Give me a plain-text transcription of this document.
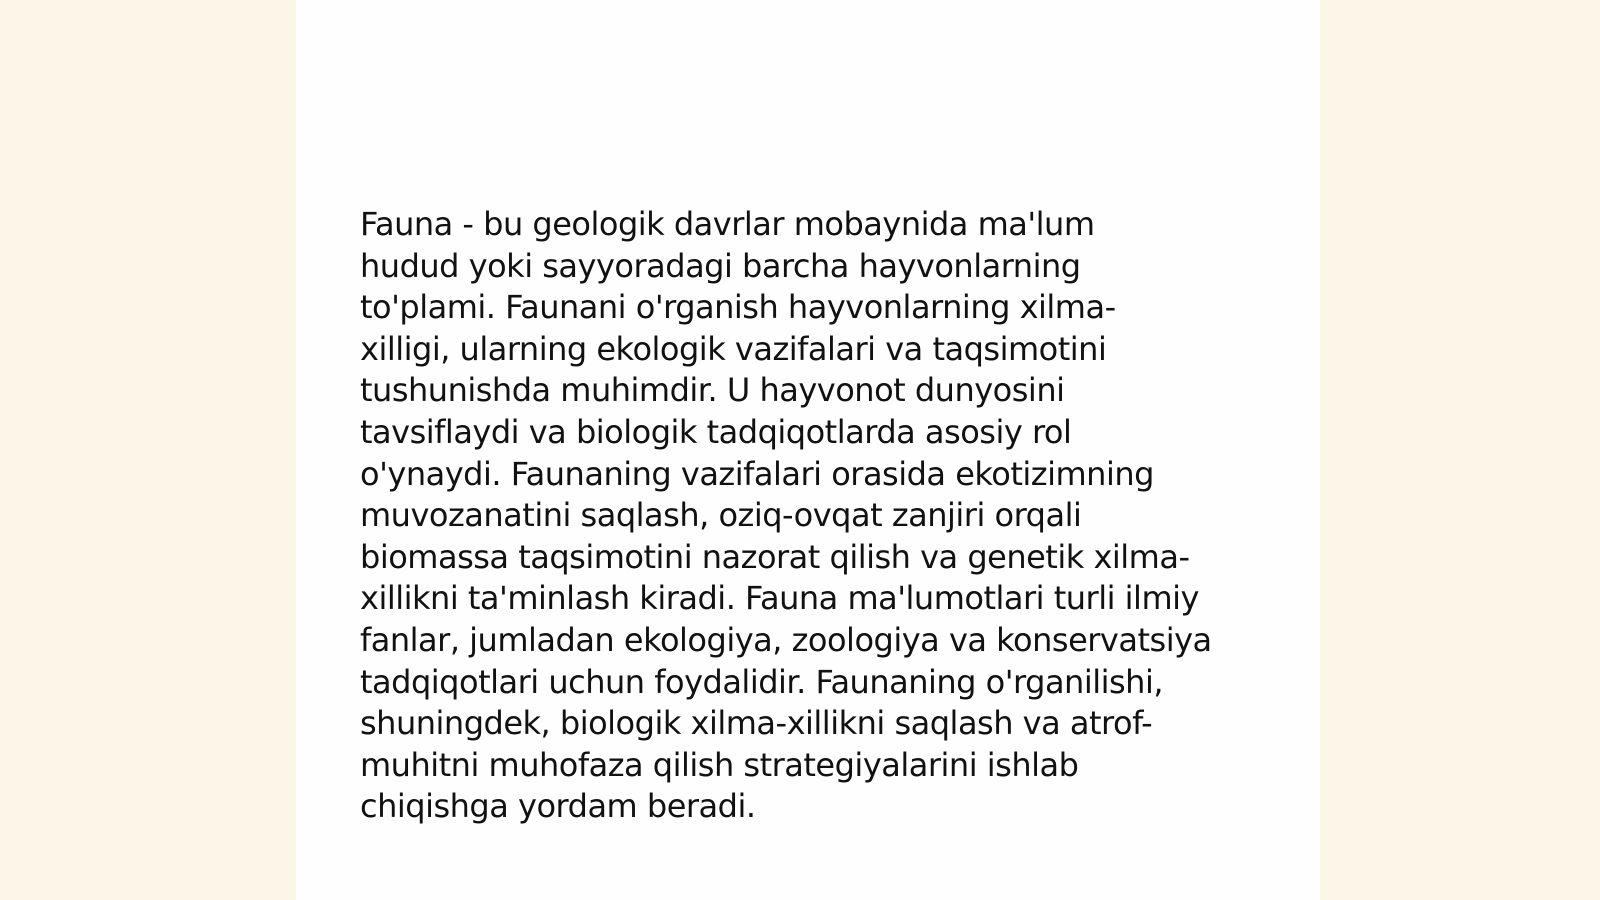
Fauna - bu geologik davrlar mobaynida ma'lum
hudud yoki sayyoradagi barcha hayvonlarning
to'plami. Faunani o'rganish hayvonlarning xilma-
xilligi, ularning ekologik vazifalari va taqsimotini
tushunishda muhimdir. U hayvonot dunyosini
tavsiflaydi va biologik tadqiqotlarda asosiy rol
o'ynaydi. Faunaning vazifalari orasida ekotizimning
muvozanatini saqlash, oziq-ovqat zanjiri orqali
biomassa taqsimotini nazorat qilish va genetik xilma-
xillikni ta'minlash kiradi. Fauna ma'lumotlari turli ilmiy
fanlar, jumladan ekologiya, zoologiya va konservatsiya
tadqiqotlari uchun foydalidir. Faunaning o'rganilishi,
shuningdek, biologik xilma-xillikni saqlash va atrof-
muhitni muhofaza qilish strategiyalarini ishlab
chiqishga yordam beradi.
